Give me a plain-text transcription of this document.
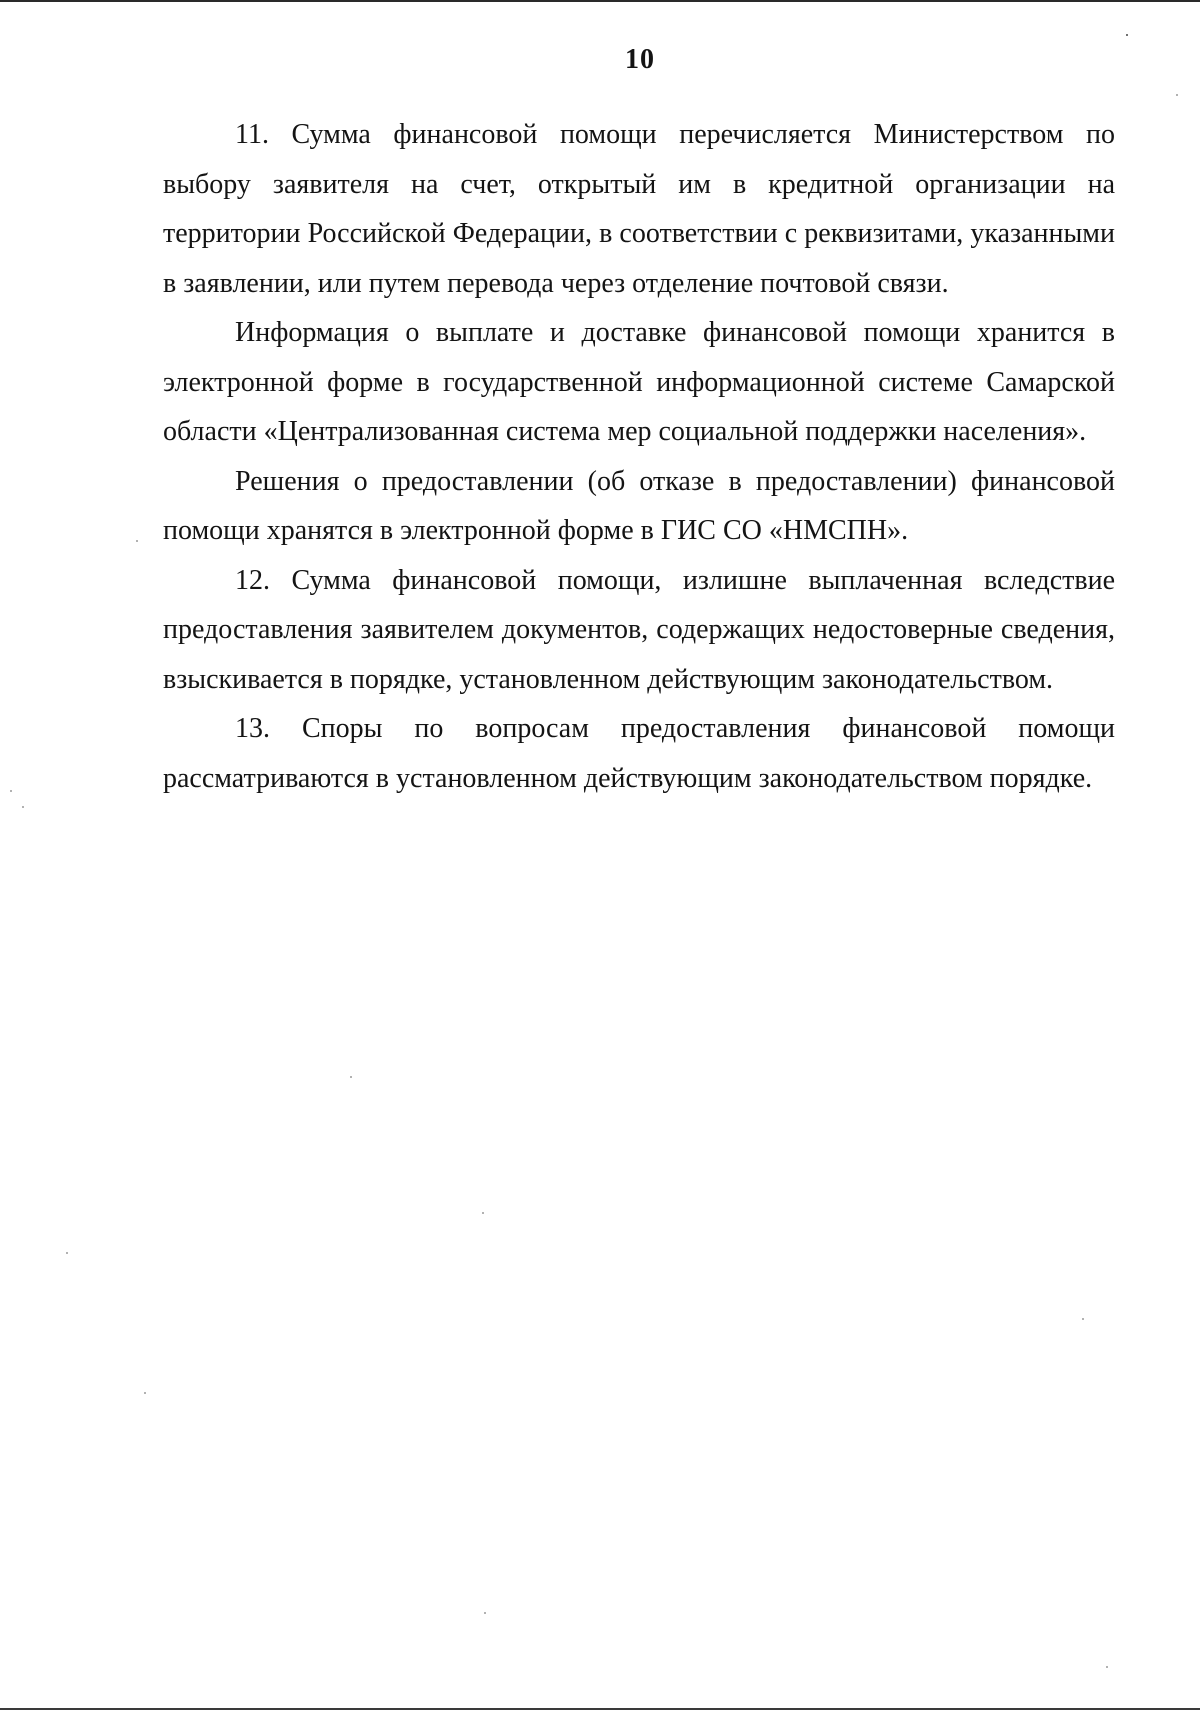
10

11. Сумма финансовой помощи перечисляется Министерством по выбору заявителя на счет, открытый им в кредитной организации на территории Российской Федерации, в соответствии с реквизитами, указанными в заявлении, или путем перевода через отделение почтовой связи.

Информация о выплате и доставке финансовой помощи хранится в электронной форме в государственной информационной системе Самарской области «Централизованная система мер социальной поддержки населения».

Решения о предоставлении (об отказе в предоставлении) финансовой помощи хранятся в электронной форме в ГИС СО «НМСПН».

12. Сумма финансовой помощи, излишне выплаченная вследствие предоставления заявителем документов, содержащих недостоверные сведения, взыскивается в порядке, установленном действующим законодательством.

13. Споры по вопросам предоставления финансовой помощи рассматриваются в установленном действующим законодательством порядке.
